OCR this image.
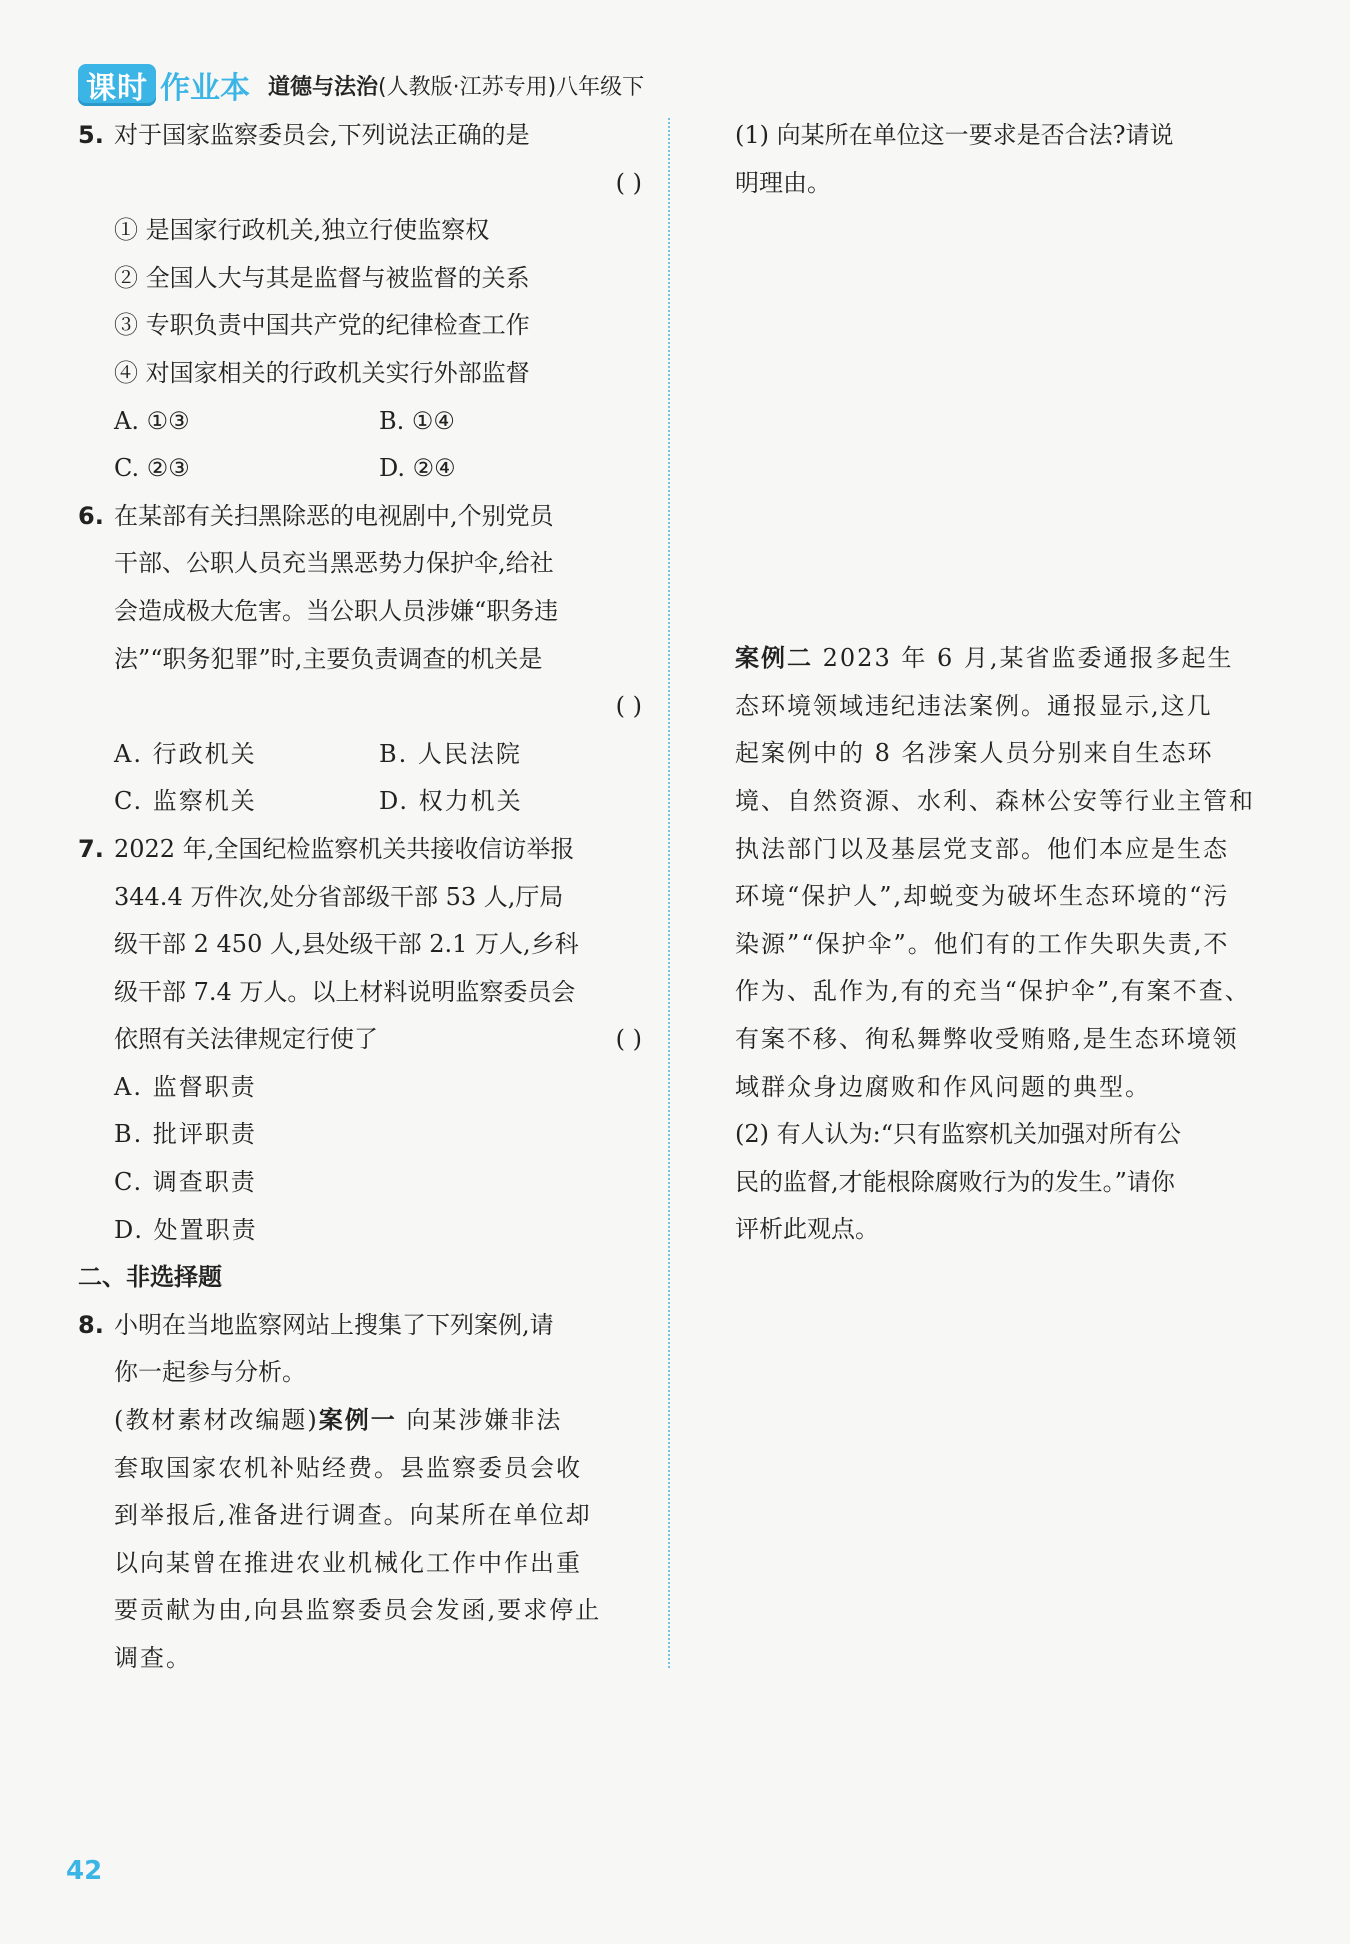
课时 作业本 道德与法治(人教版·江苏专用)八年级下
5. 对于国家监察委员会,下列说法正确的是
( )
① 是国家行政机关,独立行使监察权
② 全国人大与其是监督与被监督的关系
③ 专职负责中国共产党的纪律检查工作
④ 对国家相关的行政机关实行外部监督
A. ①③	B. ①④
C. ②③	D. ②④
6. 在某部有关扫黑除恶的电视剧中,个别党员
干部、公职人员充当黑恶势力保护伞,给社
会造成极大危害。当公职人员涉嫌“职务违
法”“职务犯罪”时,主要负责调查的机关是
( )
A. 行政机关	B. 人民法院
C. 监察机关	D. 权力机关
7. 2022 年,全国纪检监察机关共接收信访举报
344.4 万件次,处分省部级干部 53 人,厅局
级干部 2 450 人,县处级干部 2.1 万人,乡科
级干部 7.4 万人。以上材料说明监察委员会
依照有关法律规定行使了	( )
A. 监督职责
B. 批评职责
C. 调查职责
D. 处置职责
二、非选择题
8. 小明在当地监察网站上搜集了下列案例,请
你一起参与分析。
(教材素材改编题)案例一 向某涉嫌非法
套取国家农机补贴经费。县监察委员会收
到举报后,准备进行调查。向某所在单位却
以向某曾在推进农业机械化工作中作出重
要贡献为由,向县监察委员会发函,要求停止
调查。
(1) 向某所在单位这一要求是否合法?请说
明理由。
案例二 2023 年 6 月,某省监委通报多起生
态环境领域违纪违法案例。通报显示,这几
起案例中的 8 名涉案人员分别来自生态环
境、自然资源、水利、森林公安等行业主管和
执法部门以及基层党支部。他们本应是生态
环境“保护人”,却蜕变为破坏生态环境的“污
染源”“保护伞”。他们有的工作失职失责,不
作为、乱作为,有的充当“保护伞”,有案不查、
有案不移、徇私舞弊收受贿赂,是生态环境领
域群众身边腐败和作风问题的典型。
(2) 有人认为:“只有监察机关加强对所有公
民的监督,才能根除腐败行为的发生。”请你
评析此观点。
42
